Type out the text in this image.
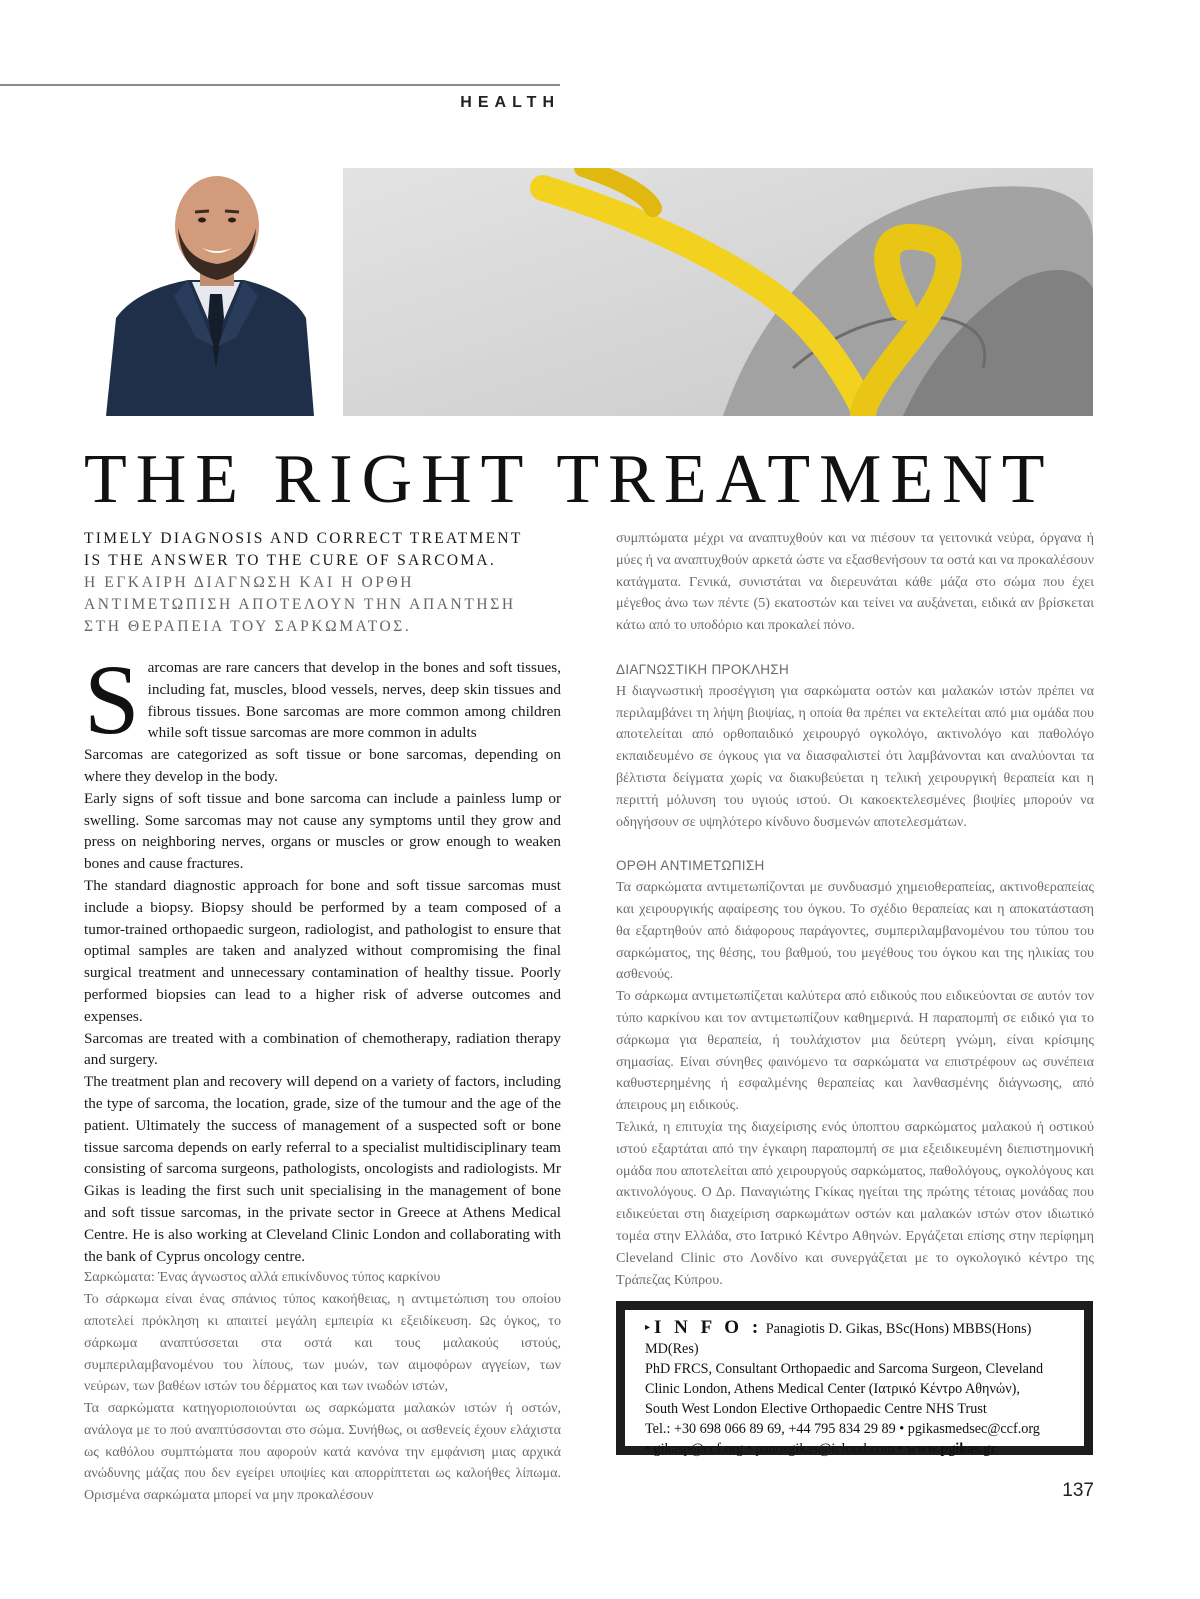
HEALTH
THE RIGHT TREATMENT

TIMELY DIAGNOSIS AND CORRECT TREATMENT

IS THE ANSWER TO THE CURE OF SARCOMA.

Η ΕΓΚΑΙΡΗ ΔΙΑΓΝΩΣΗ ΚΑΙ Η ΟΡΘΗ

ΑΝΤΙΜΕΤΩΠΙΣΗ ΑΠΟΤΕΛΟΥΝ ΤΗΝ ΑΠΑΝΤΗΣΗ

ΣΤΗ ΘΕΡΑΠΕΙΑ ΤΟΥ ΣΑΡΚΩΜΑΤΟΣ.

S arcomas are rare cancers that develop in the bones and soft tissues, including fat, muscles, blood vessels, nerves, deep skin tissues and fibrous tissues. Bone sarcomas are more common among children while soft tissue sarcomas are more common in adults

Sarcomas are categorized as soft tissue or bone sarcomas, depending on where they develop in the body.

Early signs of soft tissue and bone sarcoma can include a painless lump or swelling. Some sarcomas may not cause any symptoms until they grow and press on neighboring nerves, organs or muscles or grow enough to weaken bones and cause fractures.

The standard diagnostic approach for bone and soft tissue sarcomas must include a biopsy. Biopsy should be performed by a team composed of a tumor-trained orthopaedic surgeon, radiologist, and pathologist to ensure that optimal samples are taken and analyzed without compromising the final surgical treatment and unnecessary contamination of healthy tissue. Poorly performed biopsies can lead to a higher risk of adverse outcomes and expenses.

Sarcomas are treated with a combination of chemotherapy, radiation therapy and surgery.

The treatment plan and recovery will depend on a variety of factors, including the type of sarcoma, the location, grade, size of the tumour and the age of the patient. Ultimately the success of management of a suspected soft or bone tissue sarcoma depends on early referral to a specialist multidisciplinary team consisting of sarcoma surgeons, pathologists, oncologists and radiologists. Mr Gikas is leading the first such unit specialising in the management of bone and soft tissue sarcomas, in the private sector in Greece at Athens Medical Centre. He is also working at Cleveland Clinic London and collaborating with the bank of Cyprus oncology centre.

Σαρκώματα: Ένας άγνωστος αλλά επικίνδυνος τύπος καρκίνου

Το σάρκωμα είναι ένας σπάνιος τύπος κακοήθειας, η αντιμετώπιση του οποίου αποτελεί πρόκληση κι απαιτεί μεγάλη εμπειρία κι εξειδίκευση. Ως όγκος, το σάρκωμα αναπτύσσεται στα οστά και τους μαλακούς ιστούς, συμπεριλαμβανομένου του λίπους, των μυών, των αιμοφόρων αγγείων, των νεύρων, των βαθέων ιστών του δέρματος και των ινωδών ιστών,

Τα σαρκώματα κατηγοριοποιούνται ως σαρκώματα μαλακών ιστών ή οστών, ανάλογα με το πού αναπτύσσονται στο σώμα. Συνήθως, οι ασθενείς έχουν ελάχιστα ως καθόλου συμπτώματα που αφορούν κατά κανόνα την εμφάνιση μιας αρχικά ανώδυνης μάζας που δεν εγείρει υποψίες και απορρίπτεται ως καλοήθες λίπωμα. Ορισμένα σαρκώματα μπορεί να μην προκαλέσουν

συμπτώματα μέχρι να αναπτυχθούν και να πιέσουν τα γειτονικά νεύρα, όργανα ή μύες ή να αναπτυχθούν αρκετά ώστε να εξασθενήσουν τα οστά και να προκαλέσουν κατάγματα. Γενικά, συνιστάται να διερευνάται κάθε μάζα στο σώμα που έχει μέγεθος άνω των πέντε (5) εκατοστών και τείνει να αυξάνεται, ειδικά αν βρίσκεται κάτω από το υποδόριο και προκαλεί πόνο.

ΔΙΑΓΝΩΣΤΙΚΗ ΠΡΟΚΛΗΣΗ

Η διαγνωστική προσέγγιση για σαρκώματα οστών και μαλακών ιστών πρέπει να περιλαμβάνει τη λήψη βιοψίας, η οποία θα πρέπει να εκτελείται από μια ομάδα που αποτελείται από ορθοπαιδικό χειρουργό ογκολόγο, ακτινολόγο και παθολόγο εκπαιδευμένο σε όγκους για να διασφαλιστεί ότι λαμβάνονται και αναλύονται τα βέλτιστα δείγματα χωρίς να διακυβεύεται η τελική χειρουργική θεραπεία και η περιττή μόλυνση του υγιούς ιστού. Οι κακοεκτελεσμένες βιοψίες μπορούν να οδηγήσουν σε υψηλότερο κίνδυνο δυσμενών αποτελεσμάτων.

ΟΡΘΗ ΑΝΤΙΜΕΤΩΠΙΣΗ

Τα σαρκώματα αντιμετωπίζονται με συνδυασμό χημειοθεραπείας, ακτινοθεραπείας και χειρουργικής αφαίρεσης του όγκου. Το σχέδιο θεραπείας και η αποκατάσταση θα εξαρτηθούν από διάφορους παράγοντες, συμπεριλαμβανομένου του τύπου του σαρκώματος, της θέσης, του βαθμού, του μεγέθους του όγκου και της ηλικίας του ασθενούς.

Το σάρκωμα αντιμετωπίζεται καλύτερα από ειδικούς που ειδικεύονται σε αυτόν τον τύπο καρκίνου και τον αντιμετωπίζουν καθημερινά. Η παραπομπή σε ειδικό για το σάρκωμα για θεραπεία, ή τουλάχιστον μια δεύτερη γνώμη, είναι κρίσιμης σημασίας. Είναι σύνηθες φαινόμενο τα σαρκώματα να επιστρέφουν ως συνέπεια καθυστερημένης ή εσφαλμένης θεραπείας και λανθασμένης διάγνωσης, από άπειρους μη ειδικούς.

Τελικά, η επιτυχία της διαχείρισης ενός ύποπτου σαρκώματος μαλακού ή οστικού ιστού εξαρτάται από την έγκαιρη παραπομπή σε μια εξειδικευμένη διεπιστημονική ομάδα που αποτελείται από χειρουργούς σαρκώματος, παθολόγους, ογκολόγους και ακτινολόγους. Ο Δρ. Παναγιώτης Γκίκας ηγείται της πρώτης τέτοιας μονάδας που ειδικεύεται στη διαχείριση σαρκωμάτων οστών και μαλακών ιστών στον ιδιωτικό τομέα στην Ελλάδα, στο Ιατρικό Κέντρο Αθηνών. Εργάζεται επίσης στην περίφημη Cleveland Clinic στο Λονδίνο και συνεργάζεται με το ογκολογικό κέντρο της Τράπεζας Κύπρου.

▸ I N F O : Panagiotis D. Gikas, BSc(Hons) MBBS(Hons) MD(Res)
PhD FRCS, Consultant Orthopaedic and Sarcoma Surgeon, Cleveland
Clinic London, Athens Medical Center (Ιατρικό Κέντρο Αθηνών),
South West London Elective Orthopaedic Centre NHS Trust
Tel.: +30 698 066 89 69, +44 795 834 29 89 • pgikasmedsec@ccf.org
• gikasp@ccf.org • panosgikas@icloud.com • www.pgikas.gr
137
